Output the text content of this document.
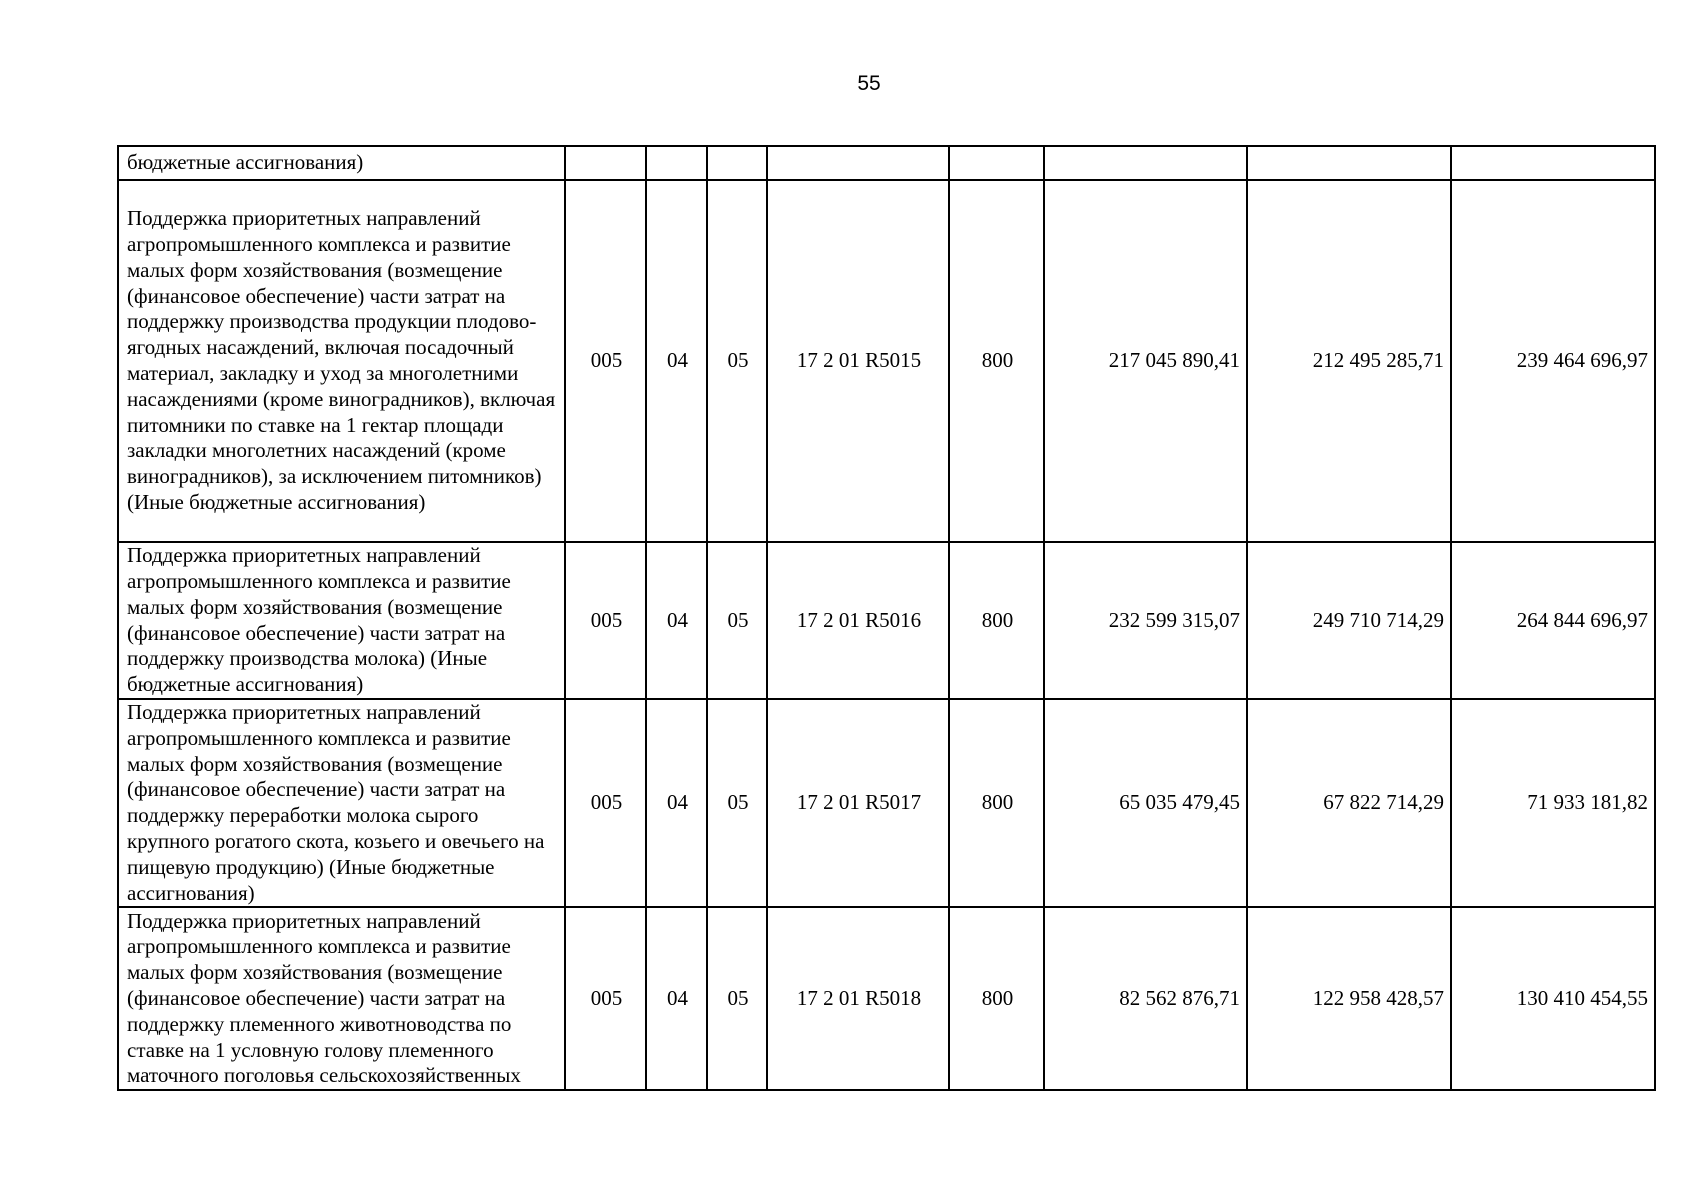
55
бюджетные ассигнования)								
Поддержка приоритетных направлений агропромышленного комплекса и развитие малых форм хозяйствования (возмещение (финансовое обеспечение) части затрат на поддержку производства продукции плодово-ягодных насаждений, включая посадочный материал, закладку и уход за многолетними насаждениями (кроме виноградников), включая питомники по ставке на 1 гектар площади закладки многолетних насаждений (кроме виноградников), за исключением питомников) (Иные бюджетные ассигнования)	005	04	05	17 2 01 R5015	800	217 045 890,41	212 495 285,71	239 464 696,97
Поддержка приоритетных направлений агропромышленного комплекса и развитие малых форм хозяйствования (возмещение (финансовое обеспечение) части затрат на поддержку производства молока) (Иные бюджетные ассигнования)	005	04	05	17 2 01 R5016	800	232 599 315,07	249 710 714,29	264 844 696,97
Поддержка приоритетных направлений агропромышленного комплекса и развитие малых форм хозяйствования (возмещение (финансовое обеспечение) части затрат на поддержку переработки молока сырого крупного рогатого скота, козьего и овечьего на пищевую продукцию) (Иные бюджетные ассигнования)	005	04	05	17 2 01 R5017	800	65 035 479,45	67 822 714,29	71 933 181,82
Поддержка приоритетных направлений агропромышленного комплекса и развитие малых форм хозяйствования (возмещение (финансовое обеспечение) части затрат на поддержку племенного животноводства по ставке на 1 условную голову племенного маточного поголовья сельскохозяйственных	005	04	05	17 2 01 R5018	800	82 562 876,71	122 958 428,57	130 410 454,55
